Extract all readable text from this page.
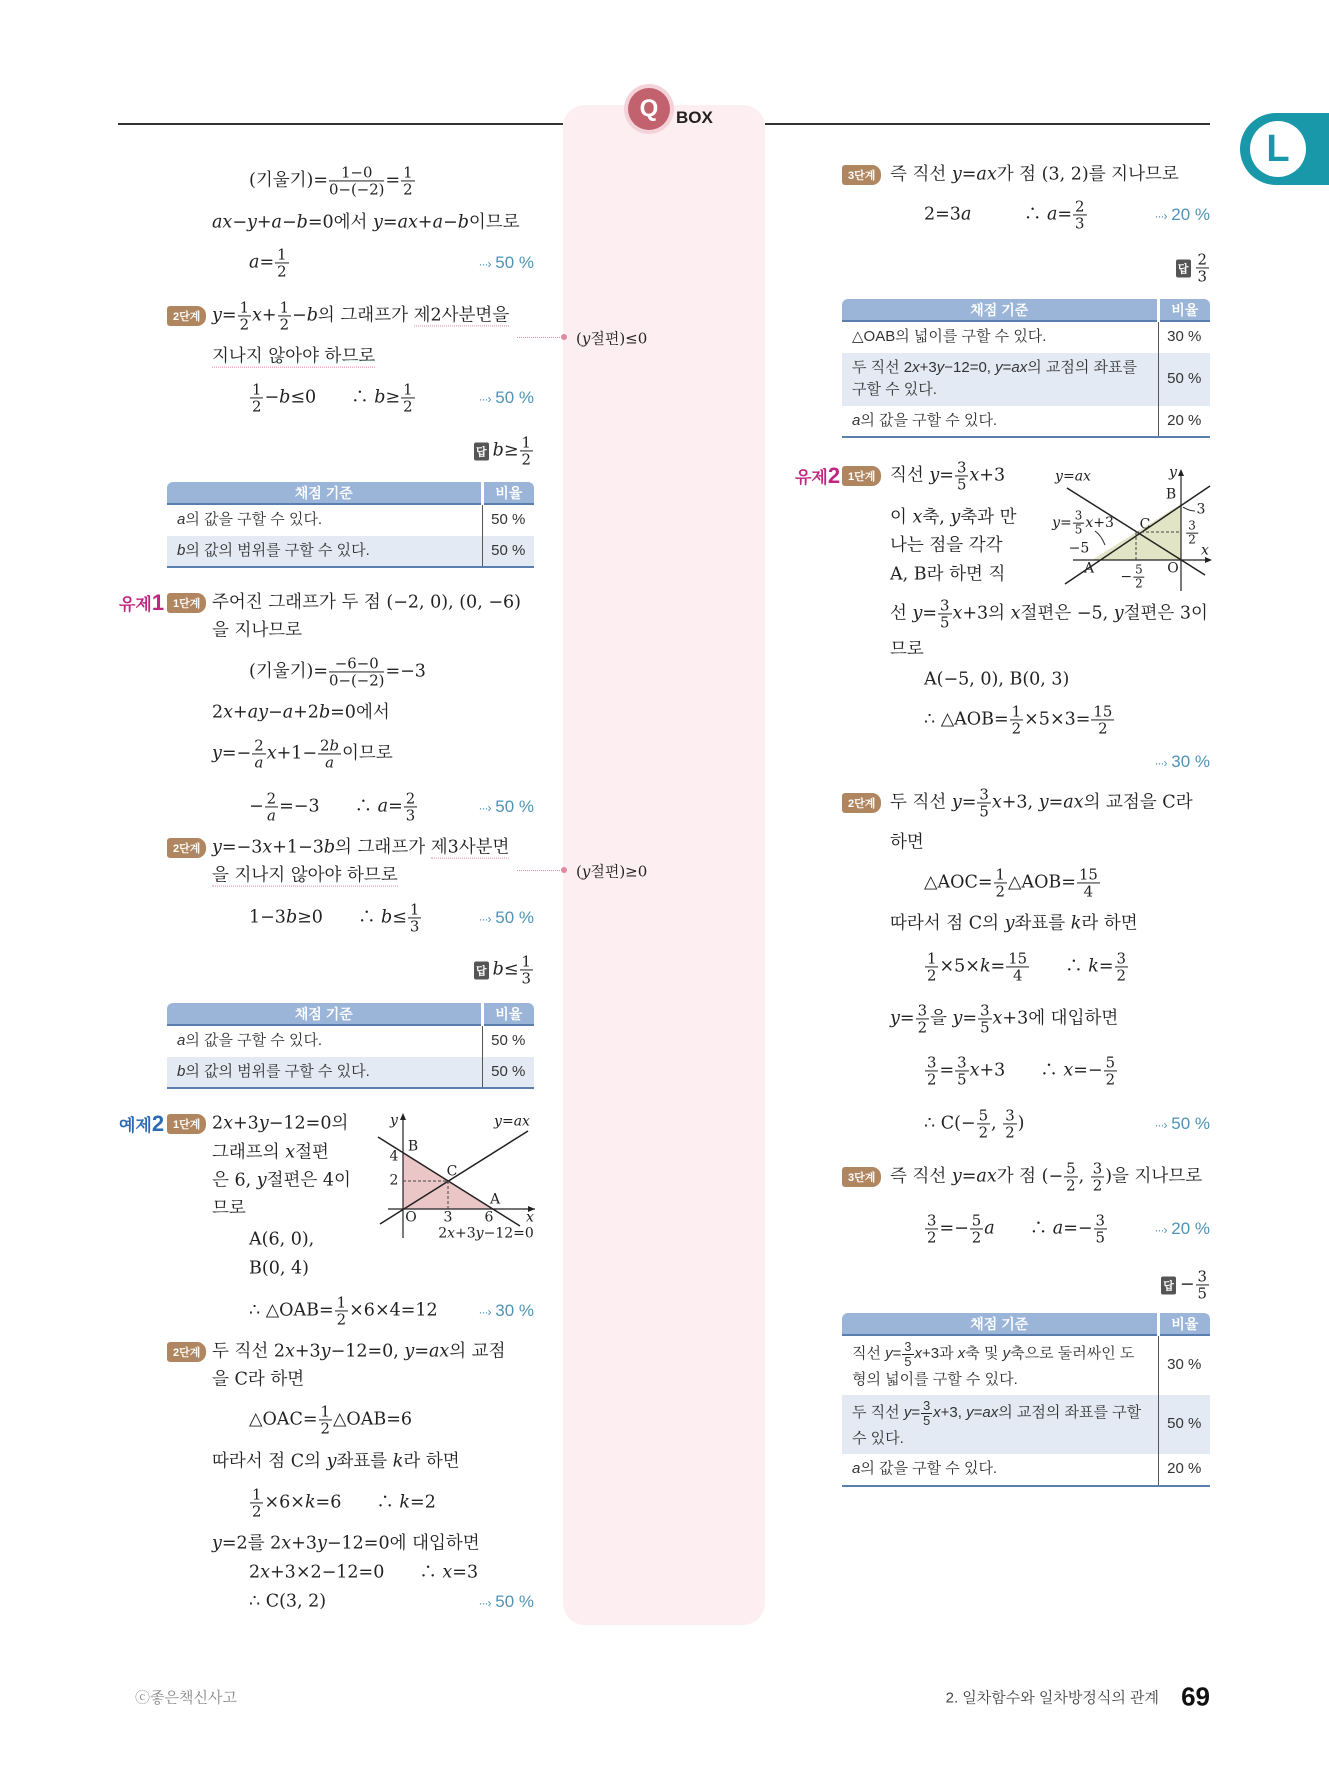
Q	BOX
L
(y절편)≤0
(y절편)≥0
(기울기)= $\frac{1-0}{0-(-2)} = \frac{1}{2}$
ax−y+a−b=0에서 y=ax+a−b이므로
$a= \frac{1}{2}$	···› 50 %
2단계 $y= \frac{1}{2} x+ \frac{1}{2} -b$의 그래프가 제2사분면을
지나지 않아야 하므로
$\frac{1}{2} -b\le 0$　　∴ $b\ge \frac{1}{2}$	···› 50 %
답 $b\ge \frac{1}{2}$
채점 기준	비율
a의 값을 구할 수 있다.	50 %
b의 값의 범위를 구할 수 있다.	50 %
유제1 1단계 주어진 그래프가 두 점 (−2, 0), (0, −6)
을 지나므로
(기울기)= $\frac{-6-0}{0-(-2)} =-3$
2x+ay−a+2b=0에서
$y=- \frac{2}{a} x+1- \frac{2b}{a}$ 이므로
− $\frac{2}{a} =-3$　　∴ $a= \frac{2}{3}$	···› 50 %
2단계 y=−3x+1−3b의 그래프가 제3사분면
을 지나지 않아야 하므로
1−3b≥0　　∴ $b\le \frac{1}{3}$	···› 50 %
답 $b\le \frac{1}{3}$
채점 기준	비율
a의 값을 구할 수 있다.	50 %
b의 값의 범위를 구할 수 있다.	50 %
예제2 1단계 2x+3y−12=0의
그래프의 x절편
은 6, y절편은 4이
므로
A(6, 0),
B(0, 4)
∴ △OAB= $\frac{1}{2} \times 6\times 4=12$	···› 30 %
2단계 두 직선 2x+3y−12=0, y=ax의 교점
을 C라 하면
△OAC= $\frac{1}{2}$ △OAB=6
따라서 점 C의 y좌표를 k라 하면
$\frac{1}{2} \times 6\times k=6$　　∴ k=2
y=2를 2x+3y−12=0에 대입하면
2x+3×2−12=0　　∴ x=3
∴ C(3, 2)	···› 50 %
y	y=ax
B
4
2
C
A
O 3 6 x
2x+3y−12=0
3단계 즉 직선 y=ax가 점 (3, 2)를 지나므로
2=3a　　　∴ $a= \frac{2}{3}$	···› 20 %
답 $\frac{2}{3}$
채점 기준	비율
△OAB의 넓이를 구할 수 있다.	30 %
두 직선 2x+3y−12=0, y=ax의 교점의 좌표를 구할 수 있다.	50 %
a의 값을 구할 수 있다.	20 %
유제2 1단계 직선 $y= \frac{3}{5} x+3$
이 x축, y축과 만
나는 점을 각각
A, B라 하면 직
선 $y= \frac{3}{5} x+3$의 x절편은 −5, y절편은 3이
므로
A(−5, 0), B(0, 3)
∴ △AOB= $\frac{1}{2} \times 5\times 3= \frac{15}{2}$
···› 30 %
2단계 두 직선 $y= \frac{3}{5} x+3$, y=ax의 교점을 C라
하면
△AOC= $\frac{1}{2}$ △AOB= $\frac{15}{4}$
따라서 점 C의 y좌표를 k라 하면
$\frac{1}{2} \times 5\times k= \frac{15}{4}$ 　　∴ $k= \frac{3}{2}$
$y= \frac{3}{2}$ 을 $y= \frac{3}{5} x+3$에 대입하면
$\frac{3}{2} = \frac{3}{5} x+3$　　∴ $x=- \frac{5}{2}$
∴ $C(- \frac{5}{2}$ , $\frac{3}{2}$ )	···› 50 %
3단계 즉 직선 y=ax가 점 (− $\frac{5}{2}$ , $\frac{3}{2}$ )을 지나므로
$\frac{3}{2} =- \frac{5}{2}$ a　　∴ $a=- \frac{3}{5}$	···› 20 %
답 − $\frac{3}{5}$
채점 기준	비율
직선 $y= \frac{3}{5} x+3$과 x축 및 y축으로 둘러싸인 도형의 넓이를 구할 수 있다.	30 %
두 직선 $y= \frac{3}{5} x+3$, y=ax의 교점의 좌표를 구할 수 있다.	50 %
a의 값을 구할 수 있다.	20 %
y=ax	y
B
3
C	$\frac{3}{2}$
$y= \frac{3}{5} x+3$
−5	x
A
− $\frac{5}{2}$ O
ⓒ좋은책신사고	2. 일차함수와 일차방정식의 관계 69
